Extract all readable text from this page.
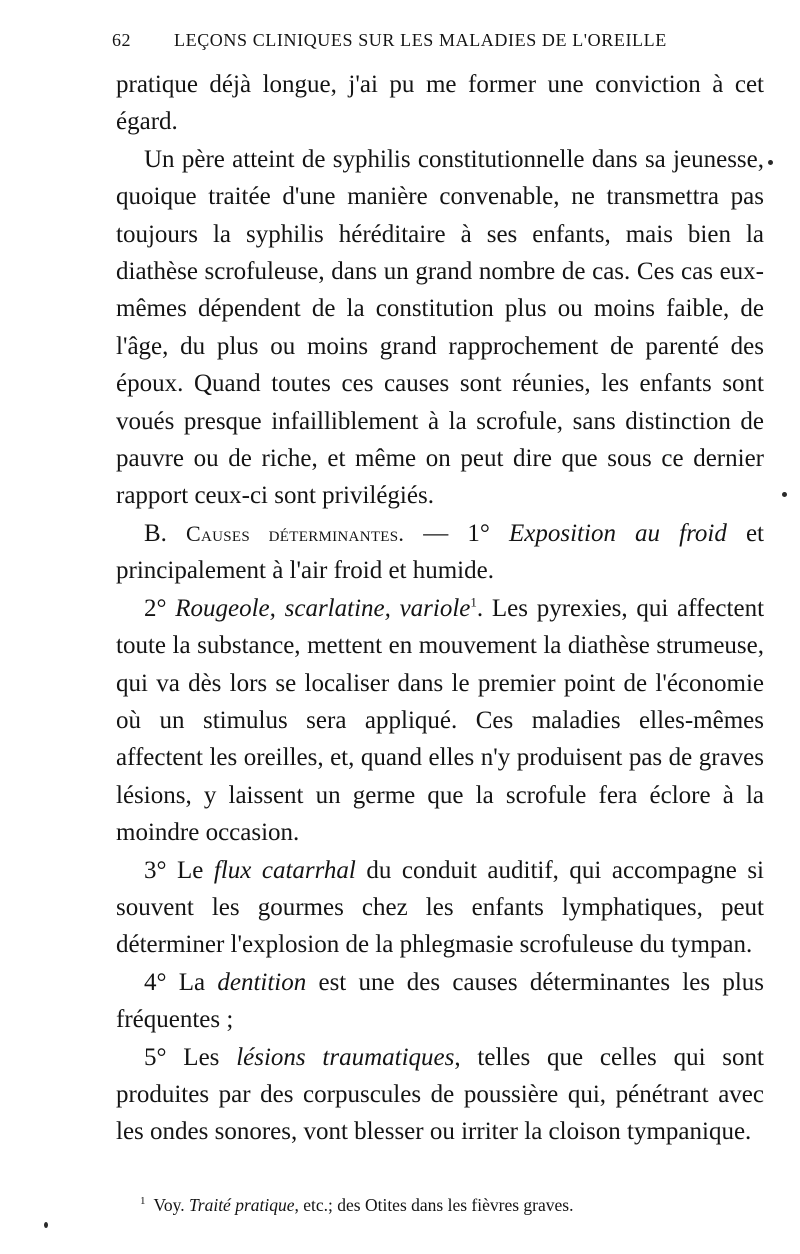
62	LEÇONS CLINIQUES SUR LES MALADIES DE L'OREILLE

pratique déjà longue, j'ai pu me former une conviction à cet égard.

Un père atteint de syphilis constitutionnelle dans sa jeunesse, quoique traitée d'une manière convenable, ne transmettra pas toujours la syphilis héréditaire à ses enfants, mais bien la diathèse scrofuleuse, dans un grand nombre de cas. Ces cas eux-mêmes dépendent de la constitution plus ou moins faible, de l'âge, du plus ou moins grand rapprochement de parenté des époux. Quand toutes ces causes sont réunies, les enfants sont voués presque infailliblement à la scrofule, sans distinction de pauvre ou de riche, et même on peut dire que sous ce dernier rapport ceux-ci sont privilégiés.

B. Causes déterminantes. — 1° Exposition au froid et principalement à l'air froid et humide.

2° Rougeole, scarlatine, variole$^1$. Les pyrexies, qui affectent toute la substance, mettent en mouvement la diathèse strumeuse, qui va dès lors se localiser dans le premier point de l'économie où un stimulus sera appliqué. Ces maladies elles-mêmes affectent les oreilles, et, quand elles n'y produisent pas de graves lésions, y laissent un germe que la scrofule fera éclore à la moindre occasion.

3° Le flux catarrhal du conduit auditif, qui accompagne si souvent les gourmes chez les enfants lymphatiques, peut déterminer l'explosion de la phlegmasie scrofuleuse du tympan.

4° La dentition est une des causes déterminantes les plus fréquentes ;

5° Les lésions traumatiques, telles que celles qui sont produites par des corpuscules de poussière qui, pénétrant avec les ondes sonores, vont blesser ou irriter la cloison tympanique.

$^1$ Voy. Traité pratique, etc.; des Otites dans les fièvres graves.
